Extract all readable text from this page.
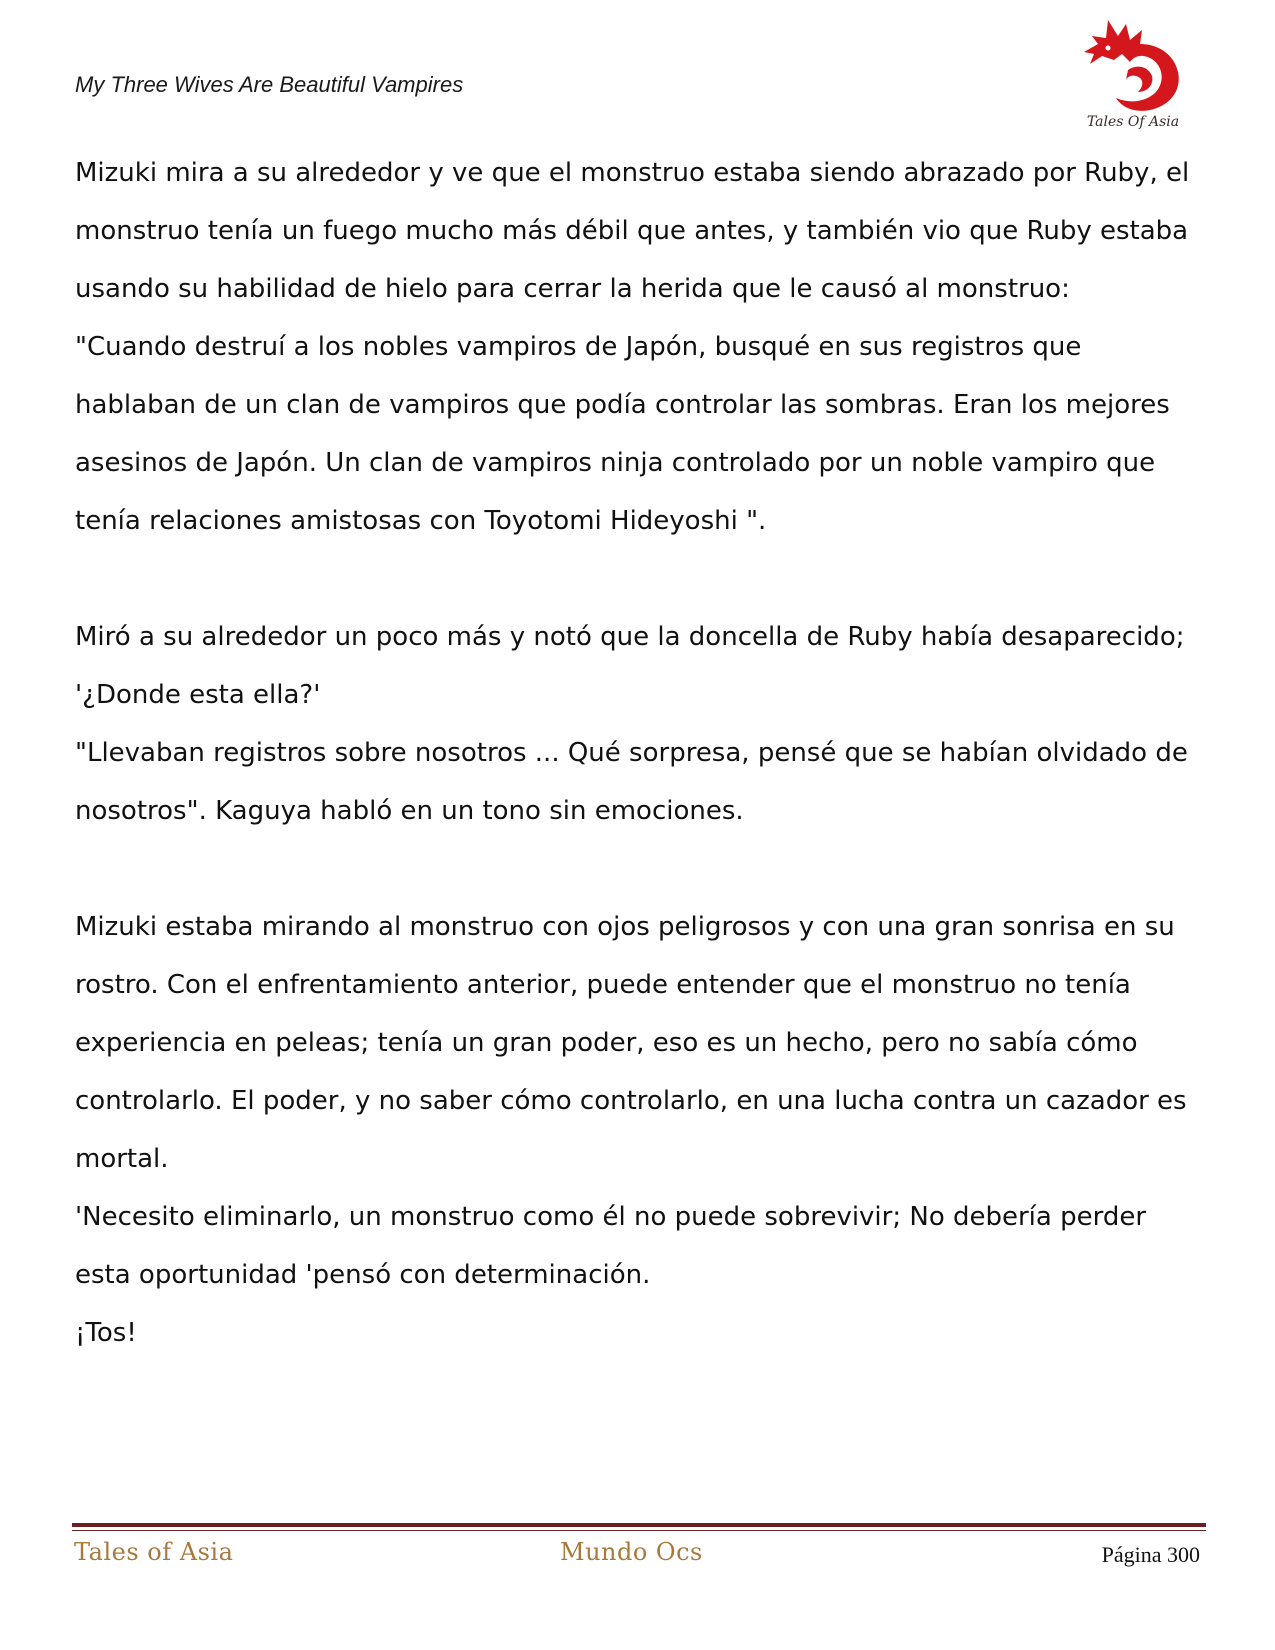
My Three Wives Are Beautiful Vampires
Tales Of Asia

Mizuki mira a su alrededor y ve que el monstruo estaba siendo abrazado por Ruby, el monstruo tenía un fuego mucho más débil que antes, y también vio que Ruby estaba usando su habilidad de hielo para cerrar la herida que le causó al monstruo:

"Cuando destruí a los nobles vampiros de Japón, busqué en sus registros que hablaban de un clan de vampiros que podía controlar las sombras. Eran los mejores asesinos de Japón. Un clan de vampiros ninja controlado por un noble vampiro que tenía relaciones amistosas con Toyotomi Hideyoshi ".

Miró a su alrededor un poco más y notó que la doncella de Ruby había desaparecido;

'¿Donde esta ella?'

"Llevaban registros sobre nosotros ... Qué sorpresa, pensé que se habían olvidado de nosotros". Kaguya habló en un tono sin emociones.

Mizuki estaba mirando al monstruo con ojos peligrosos y con una gran sonrisa en su rostro. Con el enfrentamiento anterior, puede entender que el monstruo no tenía experiencia en peleas; tenía un gran poder, eso es un hecho, pero no sabía cómo controlarlo. El poder, y no saber cómo controlarlo, en una lucha contra un cazador es mortal.

'Necesito eliminarlo, un monstruo como él no puede sobrevivir; No debería perder esta oportunidad 'pensó con determinación.

¡Tos!

Tales of Asia	Mundo Ocs	Página 300
